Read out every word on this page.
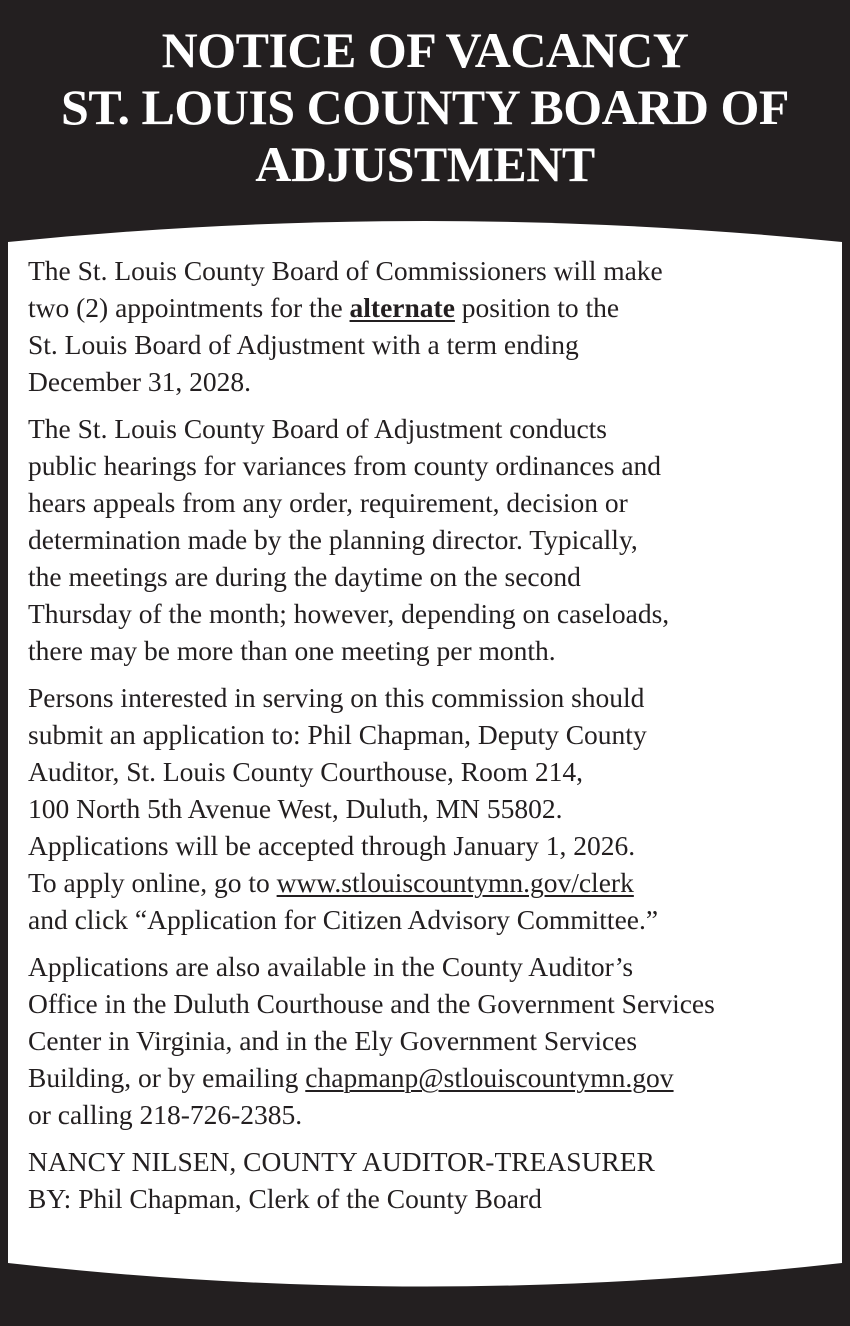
NOTICE OF VACANCY
ST. LOUIS COUNTY BOARD OF
ADJUSTMENT
The St. Louis County Board of Commissioners will make
two (2) appointments for the alternate position to the
St. Louis Board of Adjustment with a term ending
December 31, 2028.
The St. Louis County Board of Adjustment conducts
public hearings for variances from county ordinances and
hears appeals from any order, requirement, decision or
determination made by the planning director. Typically,
the meetings are during the daytime on the second
Thursday of the month; however, depending on caseloads,
there may be more than one meeting per month.
Persons interested in serving on this commission should
submit an application to: Phil Chapman, Deputy County
Auditor, St. Louis County Courthouse, Room 214,
100 North 5th Avenue West, Duluth, MN 55802.
Applications will be accepted through January 1, 2026.
To apply online, go to www.stlouiscountymn.gov/clerk
and click “Application for Citizen Advisory Committee.”
Applications are also available in the County Auditor’s
Office in the Duluth Courthouse and the Government Services
Center in Virginia, and in the Ely Government Services
Building, or by emailing chapmanp@stlouiscountymn.gov
or calling 218-726-2385.
NANCY NILSEN, COUNTY AUDITOR-TREASURER
BY: Phil Chapman, Clerk of the County Board
